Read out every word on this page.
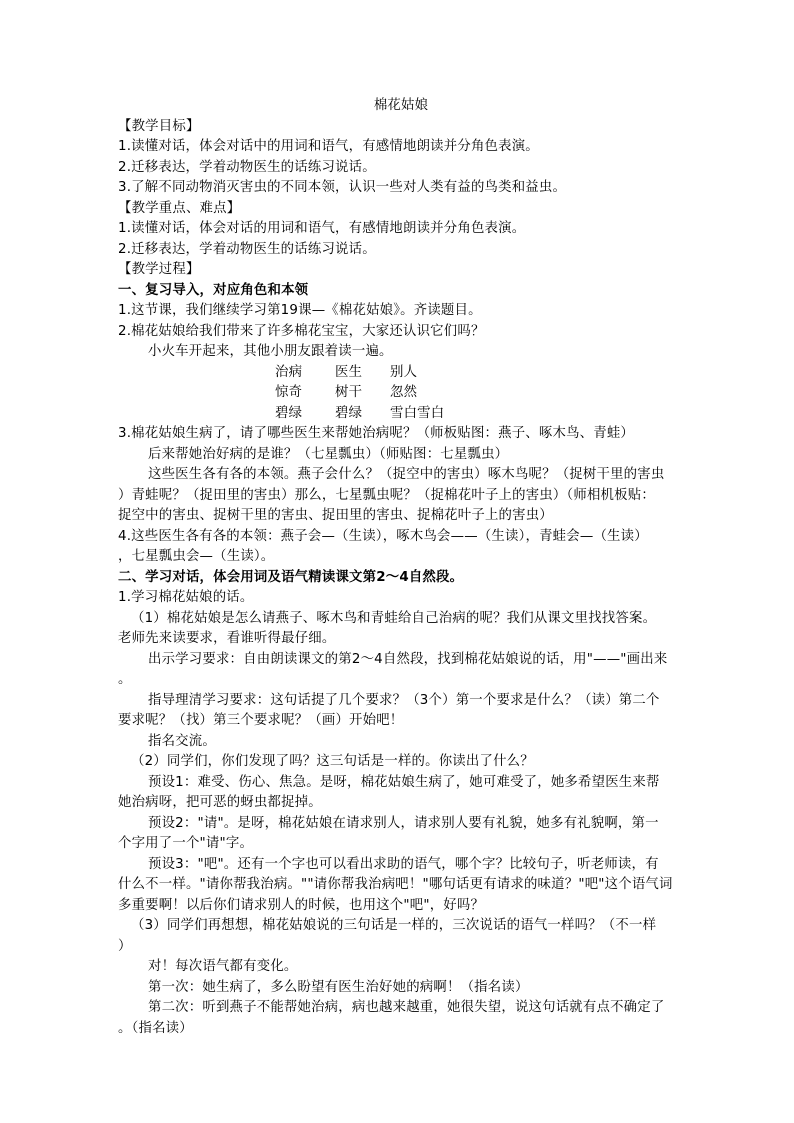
棉花姑娘
【教学目标】
1.读懂对话，体会对话中的用词和语气，有感情地朗读并分角色表演。
2.迁移表达，学着动物医生的话练习说话。
3.了解不同动物消灭害虫的不同本领，认识一些对人类有益的鸟类和益虫。
【教学重点、难点】
1.读懂对话，体会对话的用词和语气，有感情地朗读并分角色表演。
2.迁移表达，学着动物医生的话练习说话。
【教学过程】
一、复习导入，对应角色和本领
1.这节课，我们继续学习第19课—《棉花姑娘》。齐读题目。
2.棉花姑娘给我们带来了许多棉花宝宝，大家还认识它们吗？
小火车开起来，其他小朋友跟着读一遍。
治病 医生 别人
惊奇 树干 忽然
碧绿 碧绿 雪白雪白
3.棉花姑娘生病了，请了哪些医生来帮她治病呢？（师板贴图：燕子、啄木鸟、青蛙）
后来帮她治好病的是谁？（七星瓢虫）（师贴图：七星瓢虫）
这些医生各有各的本领。燕子会什么？（捉空中的害虫）啄木鸟呢？（捉树干里的害虫
）青蛙呢？（捉田里的害虫）那么，七星瓢虫呢？（捉棉花叶子上的害虫）（师相机板贴：
捉空中的害虫、捉树干里的害虫、捉田里的害虫、捉棉花叶子上的害虫）
4.这些医生各有各的本领：燕子会—（生读），啄木鸟会——（生读），青蛙会—（生读）
，七星瓢虫会—（生读）。
二、学习对话，体会用词及语气精读课文第2～4自然段。
1.学习棉花姑娘的话。
（1）棉花姑娘是怎么请燕子、啄木鸟和青蛙给自己治病的呢？我们从课文里找找答案。
老师先来读要求，看谁听得最仔细。
出示学习要求：自由朗读课文的第2～4自然段，找到棉花姑娘说的话，用"——"画出来
。
指导理清学习要求：这句话提了几个要求？（3个）第一个要求是什么？（读）第二个
要求呢？（找）第三个要求呢？（画）开始吧！
指名交流。
（2）同学们，你们发现了吗？这三句话是一样的。你读出了什么？
预设1：难受、伤心、焦急。是呀，棉花姑娘生病了，她可难受了，她多希望医生来帮
她治病呀，把可恶的蚜虫都捉掉。
预设2："请"。是呀，棉花姑娘在请求别人，请求别人要有礼貌，她多有礼貌啊，第一
个字用了一个"请"字。
预设3："吧"。还有一个字也可以看出求助的语气，哪个字？比较句子，听老师读，有
什么不一样。"请你帮我治病。""请你帮我治病吧！"哪句话更有请求的味道？"吧"这个语气词
多重要啊！以后你们请求别人的时候，也用这个"吧"，好吗？
（3）同学们再想想，棉花姑娘说的三句话是一样的，三次说话的语气一样吗？（不一样
）
对！每次语气都有变化。
第一次：她生病了，多么盼望有医生治好她的病啊！（指名读）
第二次：听到燕子不能帮她治病，病也越来越重，她很失望，说这句话就有点不确定了
。（指名读）
